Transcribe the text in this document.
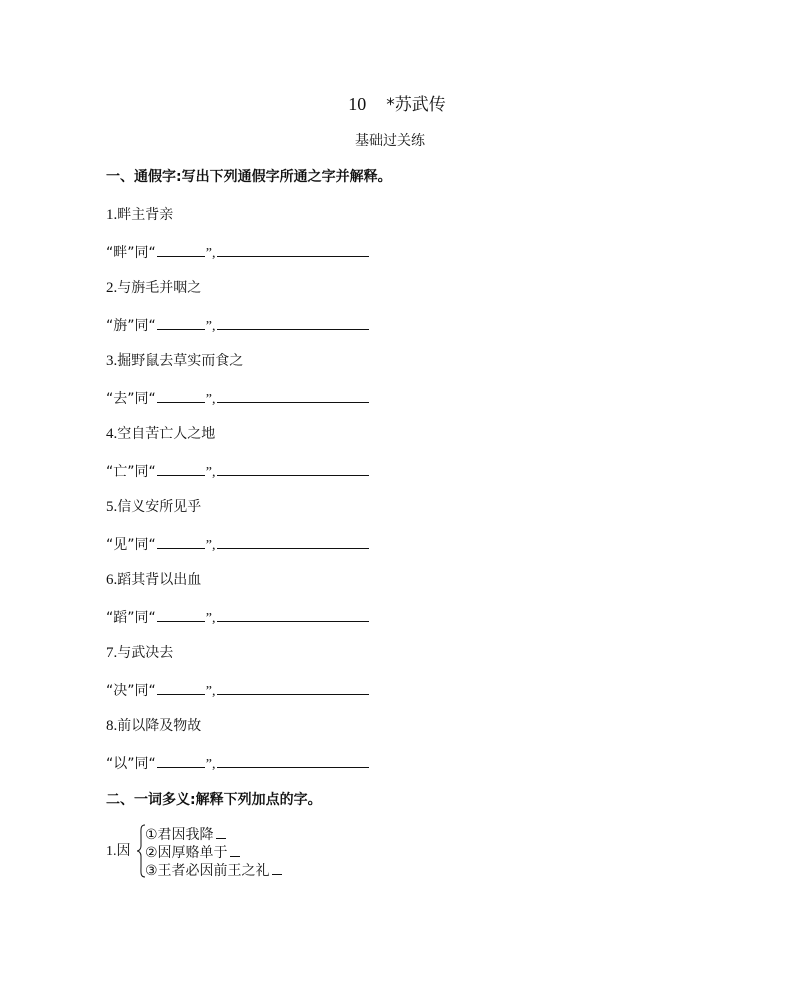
10 *苏武传
基础过关练
一、通假字:写出下列通假字所通之字并解释。
1.畔主背亲
“畔”同“	”,
2.与旃毛并咽之
“旃”同“	”,
3.掘野鼠去草实而食之
“去”同“	”,
4.空自苦亡人之地
“亡”同“	”,
5.信义安所见乎
“见”同“	”,
6.蹈其背以出血
“蹈”同“	”,
7.与武决去
“决”同“	”,
8.前以降及物故
“以”同“	”,
二、一词多义:解释下列加点的字。
1.因
①君因我降
②因厚赂单于
③王者必因前王之礼
